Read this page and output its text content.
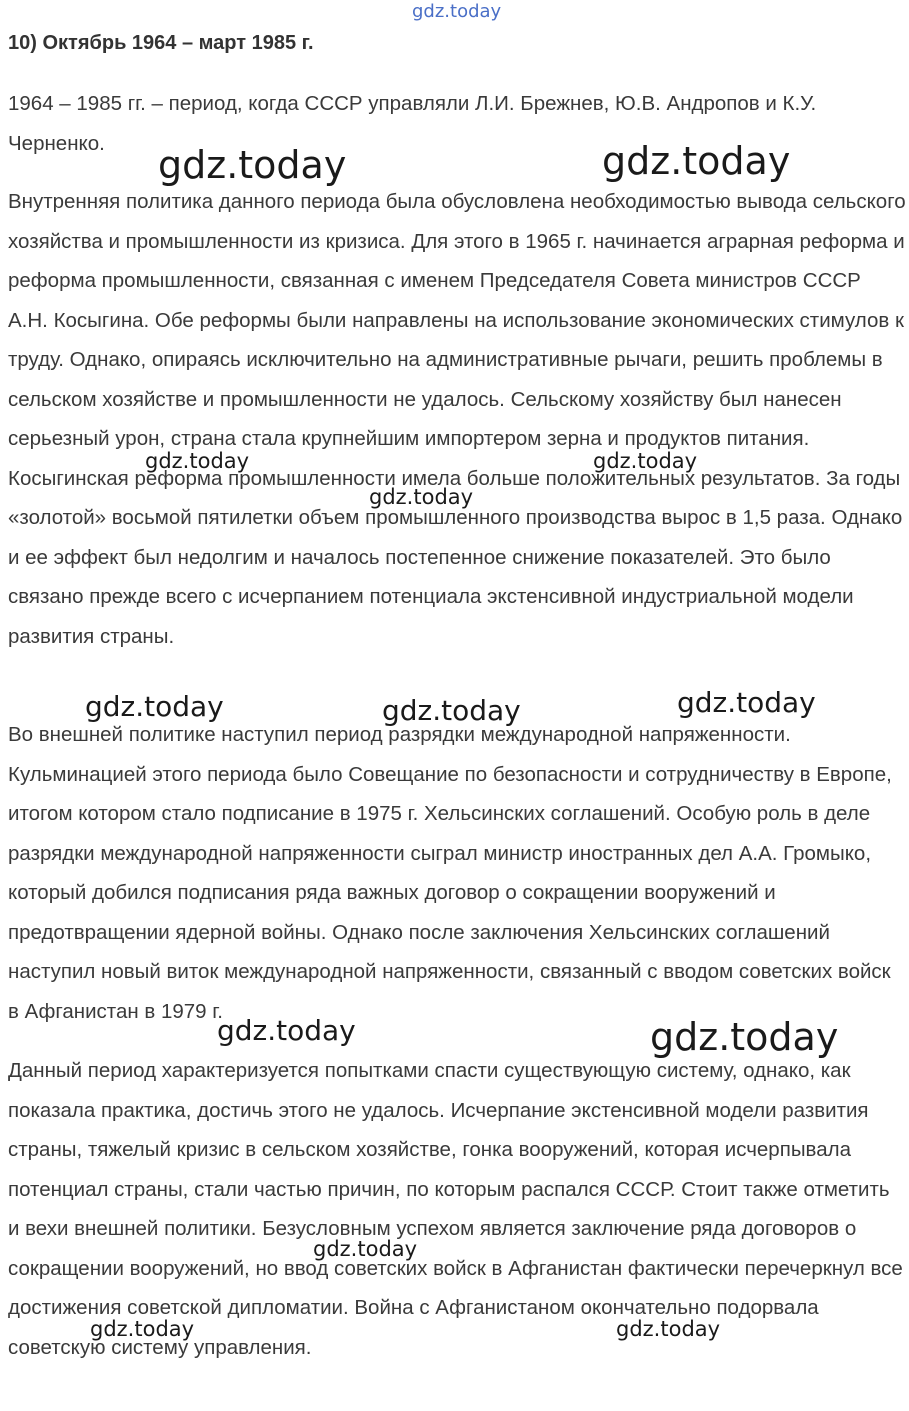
gdz.today
10) Октябрь 1964 – март 1985 г.

1964 – 1985 гг. – период, когда СССР управляли Л.И. Брежнев, Ю.В. Андропов и К.У. Черненко.

Внутренняя политика данного периода была обусловлена необходимостью вывода сельского хозяйства и промышленности из кризиса. Для этого в 1965 г. начинается аграрная реформа и реформа промышленности, связанная с именем Председателя Совета министров СССР А.Н. Косыгина. Обе реформы были направлены на использование экономических стимулов к труду. Однако, опираясь исключительно на административные рычаги, решить проблемы в сельском хозяйстве и промышленности не удалось. Сельскому хозяйству был нанесен серьезный урон, страна стала крупнейшим импортером зерна и продуктов питания. Косыгинская реформа промышленности имела больше положительных результатов. За годы «золотой» восьмой пятилетки объем промышленного производства вырос в 1,5 раза. Однако и ее эффект был недолгим и началось постепенное снижение показателей. Это было связано прежде всего с исчерпанием потенциала экстенсивной индустриальной модели развития страны.

Во внешней политике наступил период разрядки международной напряженности. Кульминацией этого периода было Совещание по безопасности и сотрудничеству в Европе, итогом котором стало подписание в 1975 г. Хельсинских соглашений. Особую роль в деле разрядки международной напряженности сыграл министр иностранных дел А.А. Громыко, который добился подписания ряда важных договор о сокращении вооружений и предотвращении ядерной войны. Однако после заключения Хельсинских соглашений наступил новый виток международной напряженности, связанный с вводом советских войск в Афганистан в 1979 г.

Данный период характеризуется попытками спасти существующую систему, однако, как показала практика, достичь этого не удалось. Исчерпание экстенсивной модели развития страны, тяжелый кризис в сельском хозяйстве, гонка вооружений, которая исчерпывала потенциал страны, стали частью причин, по которым распался СССР. Стоит также отметить и вехи внешней политики. Безусловным успехом является заключение ряда договоров о сокращении вооружений, но ввод советских войск в Афганистан фактически перечеркнул все достижения советской дипломатии. Война с Афганистаном окончательно подорвала советскую систему управления.

gdz.today	gdz.today
gdz.today	gdz.today
gdz.today
gdz.today	gdz.today	gdz.today
gdz.today	gdz.today
gdz.today
gdz.today	gdz.today
